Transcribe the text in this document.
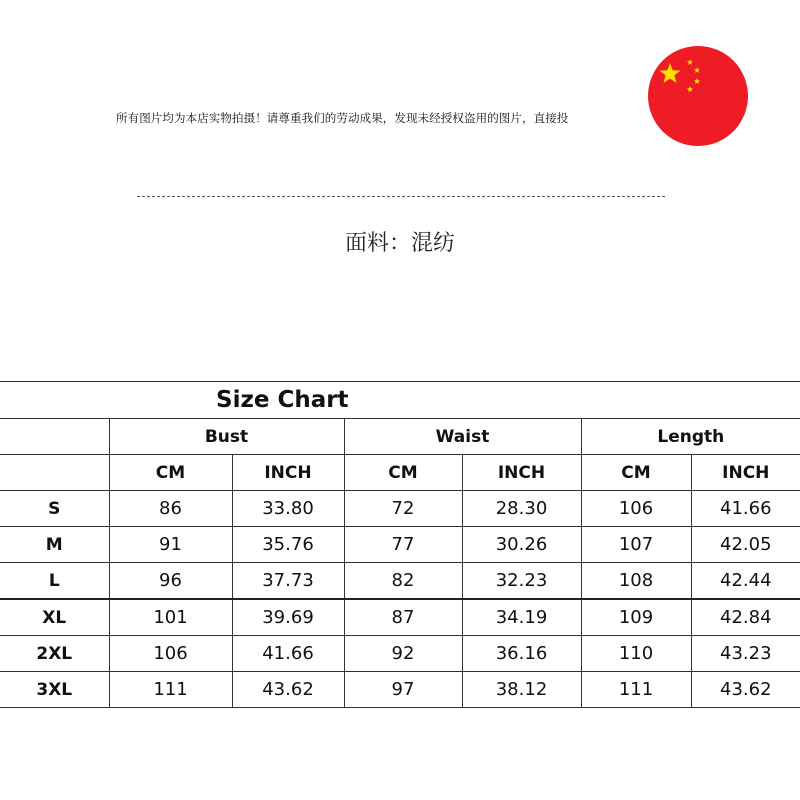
所有图片均为本店实物拍摄！请尊重我们的劳动成果，发现未经授权盗用的图片，直接投
面料：混纺
Size Chart						
	Bust		Waist		Length	
	CM	INCH	CM	INCH	CM	INCH
S	86	33.80	72	28.30	106	41.66
M	91	35.76	77	30.26	107	42.05
L	96	37.73	82	32.23	108	42.44
XL	101	39.69	87	34.19	109	42.84
2XL	106	41.66	92	36.16	110	43.23
3XL	111	43.62	97	38.12	111	43.62
